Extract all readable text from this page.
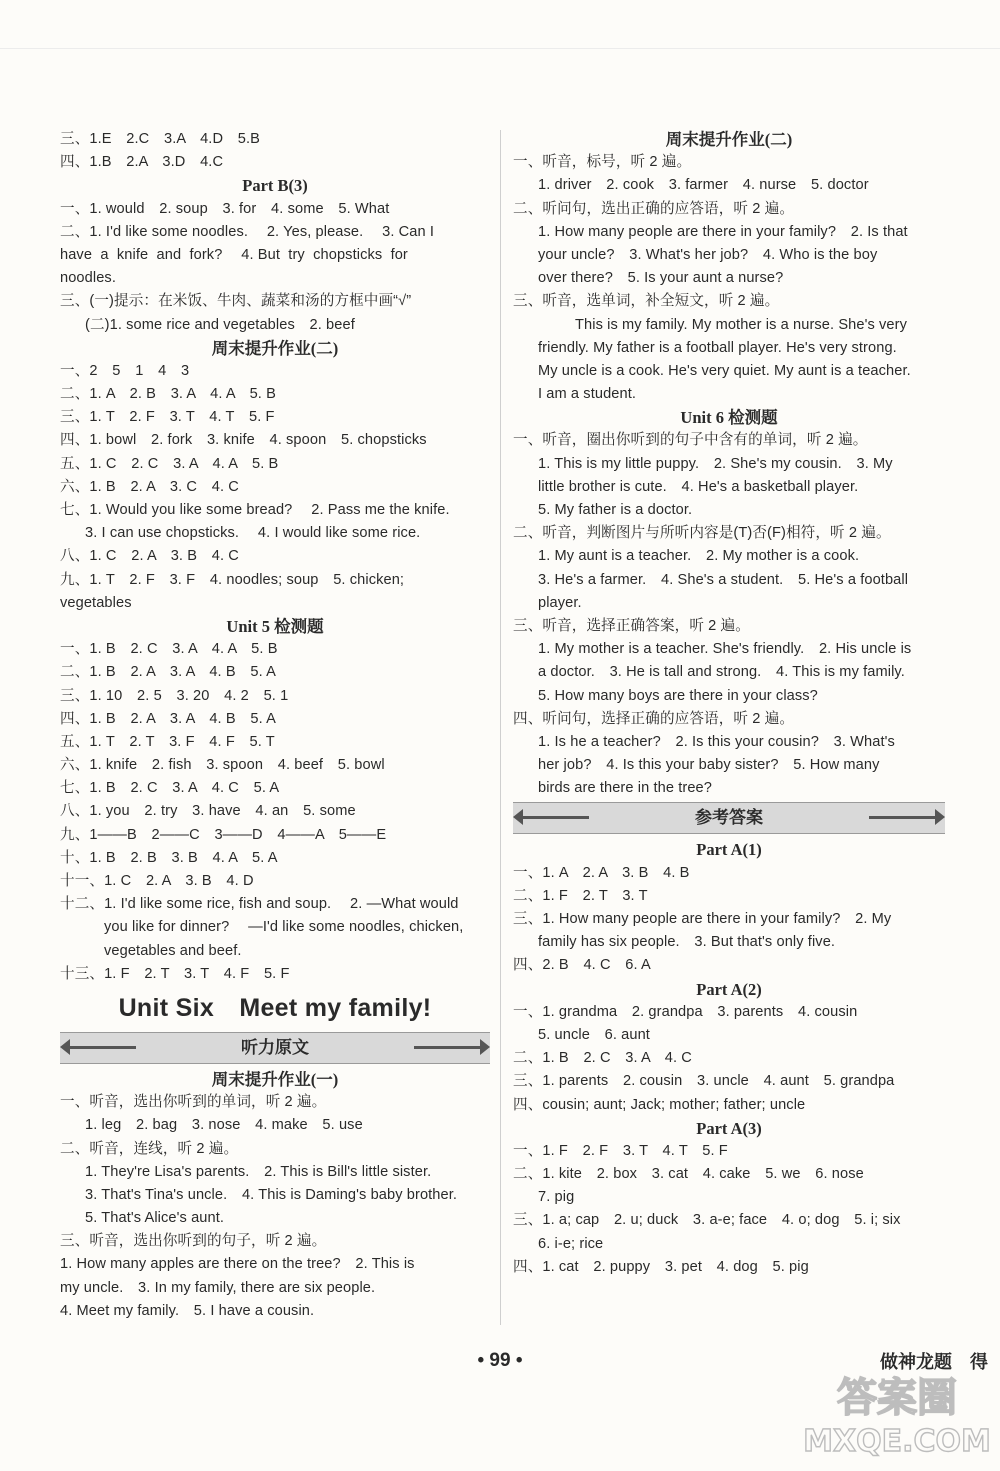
三、1.E　2.C　3.A　4.D　5.B
四、1.B　2.A　3.D　4.C
Part B(3)
一、1. would　2. soup　3. for　4. some　5. What
二、1. I'd like some noodles.　 2. Yes, please.　 3. Can I
have  a  knife  and  fork?　 4. But  try  chopsticks  for
noodles.
三、(一)提示：在米饭、牛肉、蔬菜和汤的方框中画“√”
(二)1. some rice and vegetables　2. beef
周末提升作业(二)
一、2　5　1　4　3
二、1. A　2. B　3. A　4. A　5. B
三、1. T　2. F　3. T　4. T　5. F
四、1. bowl　2. fork　3. knife　4. spoon　5. chopsticks
五、1. C　2. C　3. A　4. A　5. B
六、1. B　2. A　3. C　4. C
七、1. Would you like some bread?　 2. Pass me the knife.
3. I can use chopsticks.　 4. I would like some rice.
八、1. C　2. A　3. B　4. C
九、1. T　2. F　3. F　4. noodles; soup　5. chicken;
vegetables
Unit 5 检测题
一、1. B　2. C　3. A　4. A　5. B
二、1. B　2. A　3. A　4. B　5. A
三、1. 10　2. 5　3. 20　4. 2　5. 1
四、1. B　2. A　3. A　4. B　5. A
五、1. T　2. T　3. F　4. F　5. T
六、1. knife　2. fish　3. spoon　4. beef　5. bowl
七、1. B　2. C　3. A　4. C　5. A
八、1. you　2. try　3. have　4. an　5. some
九、1——B　2——C　3——D　4——A　5——E
十、1. B　2. B　3. B　4. A　5. A
十一、1. C　2. A　3. B　4. D
十二、1. I'd like some rice, fish and soup.　 2. —What would
you like for dinner?　 —I'd like some noodles, chicken,
vegetables and beef.
十三、1. F　2. T　3. T　4. F　5. F
Unit Six　Meet my family!
听力原文
周末提升作业(一)
一、听音，选出你听到的单词，听 2 遍。
1. leg　2. bag　3. nose　4. make　5. use
二、听音，连线，听 2 遍。
1. They're Lisa's parents.　2. This is Bill's little sister.
3. That's Tina's uncle.　4. This is Daming's baby brother.
5. That's Alice's aunt.
三、听音，选出你听到的句子，听 2 遍。
1. How many apples are there on the tree?　2. This is
my uncle.　3. In my family, there are six people.
4. Meet my family.　5. I have a cousin.
周末提升作业(二)
一、听音，标号，听 2 遍。
1. driver　2. cook　3. farmer　4. nurse　5. doctor
二、听问句，选出正确的应答语，听 2 遍。
1. How many people are there in your family?　2. Is that
your uncle?　3. What's her job?　4. Who is the boy
over there?　5. Is your aunt a nurse?
三、听音，选单词，补全短文，听 2 遍。
This is my family. My mother is a nurse. She's very
friendly. My father is a football player. He's very strong.
My uncle is a cook. He's very quiet. My aunt is a teacher.
I am a student.
Unit 6 检测题
一、听音，圈出你听到的句子中含有的单词，听 2 遍。
1. This is my little puppy.　2. She's my cousin.　3. My
little brother is cute.　4. He's a basketball player.
5. My father is a doctor.
二、听音，判断图片与所听内容是(T)否(F)相符，听 2 遍。
1. My aunt is a teacher.　2. My mother is a cook.
3. He's a farmer.　4. She's a student.　5. He's a football
player.
三、听音，选择正确答案，听 2 遍。
1. My mother is a teacher. She's friendly.　2. His uncle is
a doctor.　3. He is tall and strong.　4. This is my family.
5. How many boys are there in your class?
四、听问句，选择正确的应答语，听 2 遍。
1. Is he a teacher?　2. Is this your cousin?　3. What's
her job?　4. Is this your baby sister?　5. How many
birds are there in the tree?
参考答案
Part A(1)
一、1. A　2. A　3. B　4. B
二、1. F　2. T　3. T
三、1. How many people are there in your family?　2. My
family has six people.　3. But that's only five.
四、2. B　4. C　6. A
Part A(2)
一、1. grandma　2. grandpa　3. parents　4. cousin
5. uncle　6. aunt
二、1. B　2. C　3. A　4. C
三、1. parents　2. cousin　3. uncle　4. aunt　5. grandpa
四、cousin; aunt; Jack; mother; father; uncle
Part A(3)
一、1. F　2. F　3. T　4. T　5. F
二、1. kite　2. box　3. cat　4. cake　5. we　6. nose
7. pig
三、1. a; cap　2. u; duck　3. a-e; face　4. o; dog　5. i; six
6. i-e; rice
四、1. cat　2. puppy　3. pet　4. dog　5. pig
• 99 •	做神龙题　得
答案圈
MXQE.COM
